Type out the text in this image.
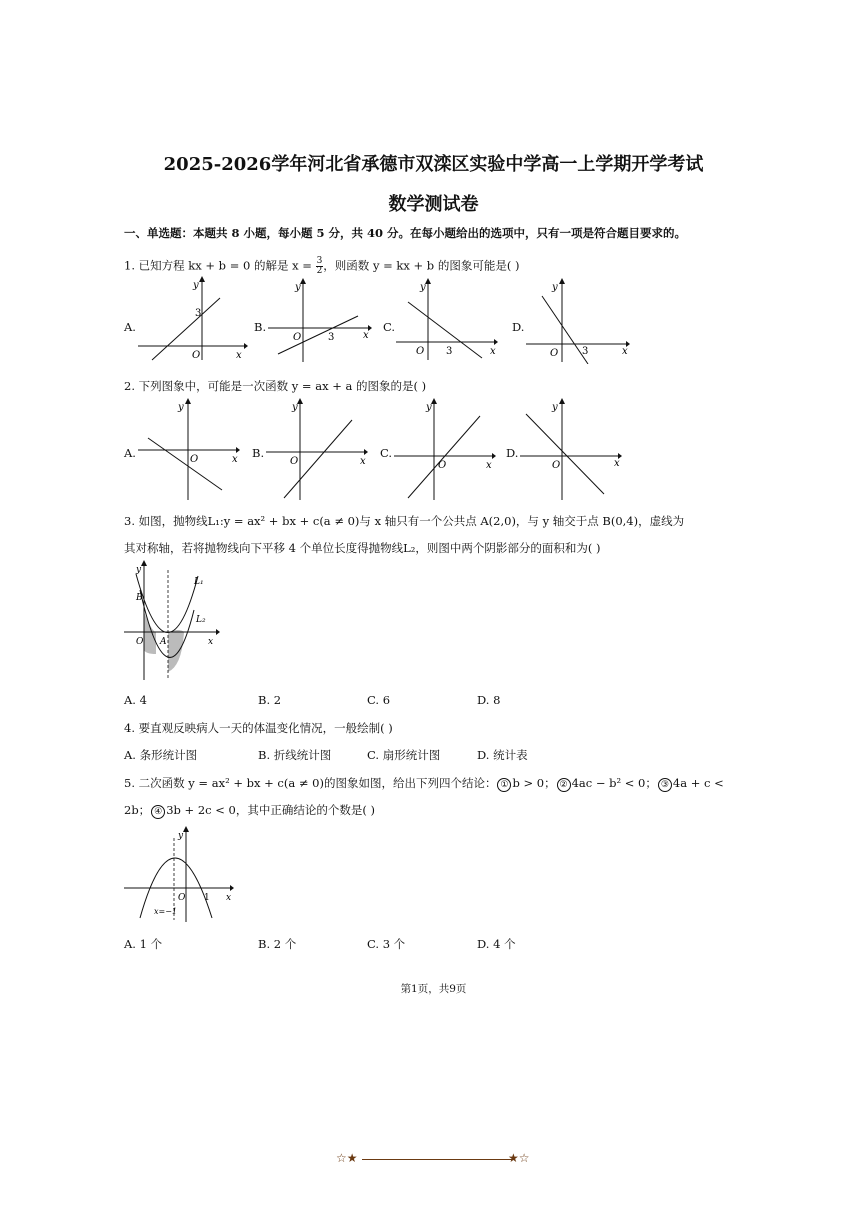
2025-2026学年河北省承德市双滦区实验中学高一上学期开学考试
数学测试卷
一、单选题：本题共 8 小题，每小题 5 分，共 40 分。在每小题给出的选项中，只有一项是符合题目要求的。
1. 已知方程 kx + b = 0 的解是 $x = \frac{3}{2}$ ，则函数 y = kx + b 的图象可能是( )
A.
y
x
O
3
B.
y
x
O	3
C.
y
x
O 3
D.
y
x
O 3
2. 下列图象中，可能是一次函数 y = ax + a 的图象的是( )
A.
y
x
O	B.
y
x
O
C.
y
x
O
D.
y
x
O
3. 如图，抛物线L₁:y = ax² + bx + c(a ≠ 0)与 x 轴只有一个公共点 A(2,0)，与 y 轴交于点 B(0,4)，虚线为
其对称轴，若将抛物线向下平移 4 个单位长度得抛物线L₂，则图中两个阴影部分的面积和为( )
y
x
O A
B
L₁
L₂
A. 4	B. 2	C. 6	D. 8
4. 要直观反映病人一天的体温变化情况，一般绘制( )
A. 条形统计图	B. 折线统计图	C. 扇形统计图	D. 统计表
5. 二次函数 y = ax² + bx + c(a ≠ 0)的图象如图，给出下列四个结论： ① b > 0； ② 4ac − b² < 0； ③ 4a + c <
2b； ④ 3b + 2c < 0，其中正确结论的个数是( )
y
x
O 1
x=−1
A. 1 个	B. 2 个	C. 3 个	D. 4 个
第1页，共9页
☆★	★☆
